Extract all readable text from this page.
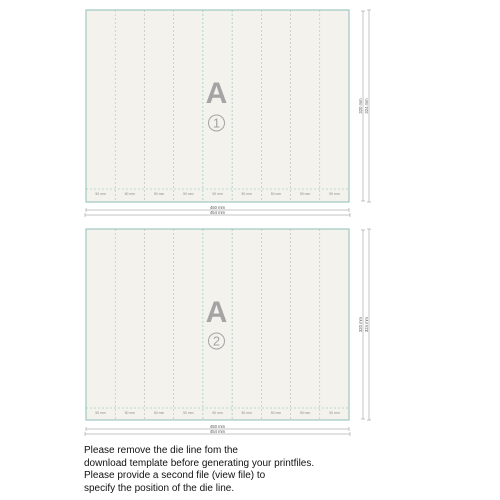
50 mm	50 mm	50 mm	50 mm	50 mm	50 mm	50 mm	50 mm	50 mm
A
1
450 mm
454 mm
320 mm 324 mm
50 mm	50 mm	50 mm	50 mm	50 mm	50 mm	50 mm	50 mm	50 mm
A
2
450 mm
454 mm
320 mm 324 mm
Please remove the die line fom the
download template before generating your printfiles.
Please provide a second file (view file) to
specify the position of the die line.
